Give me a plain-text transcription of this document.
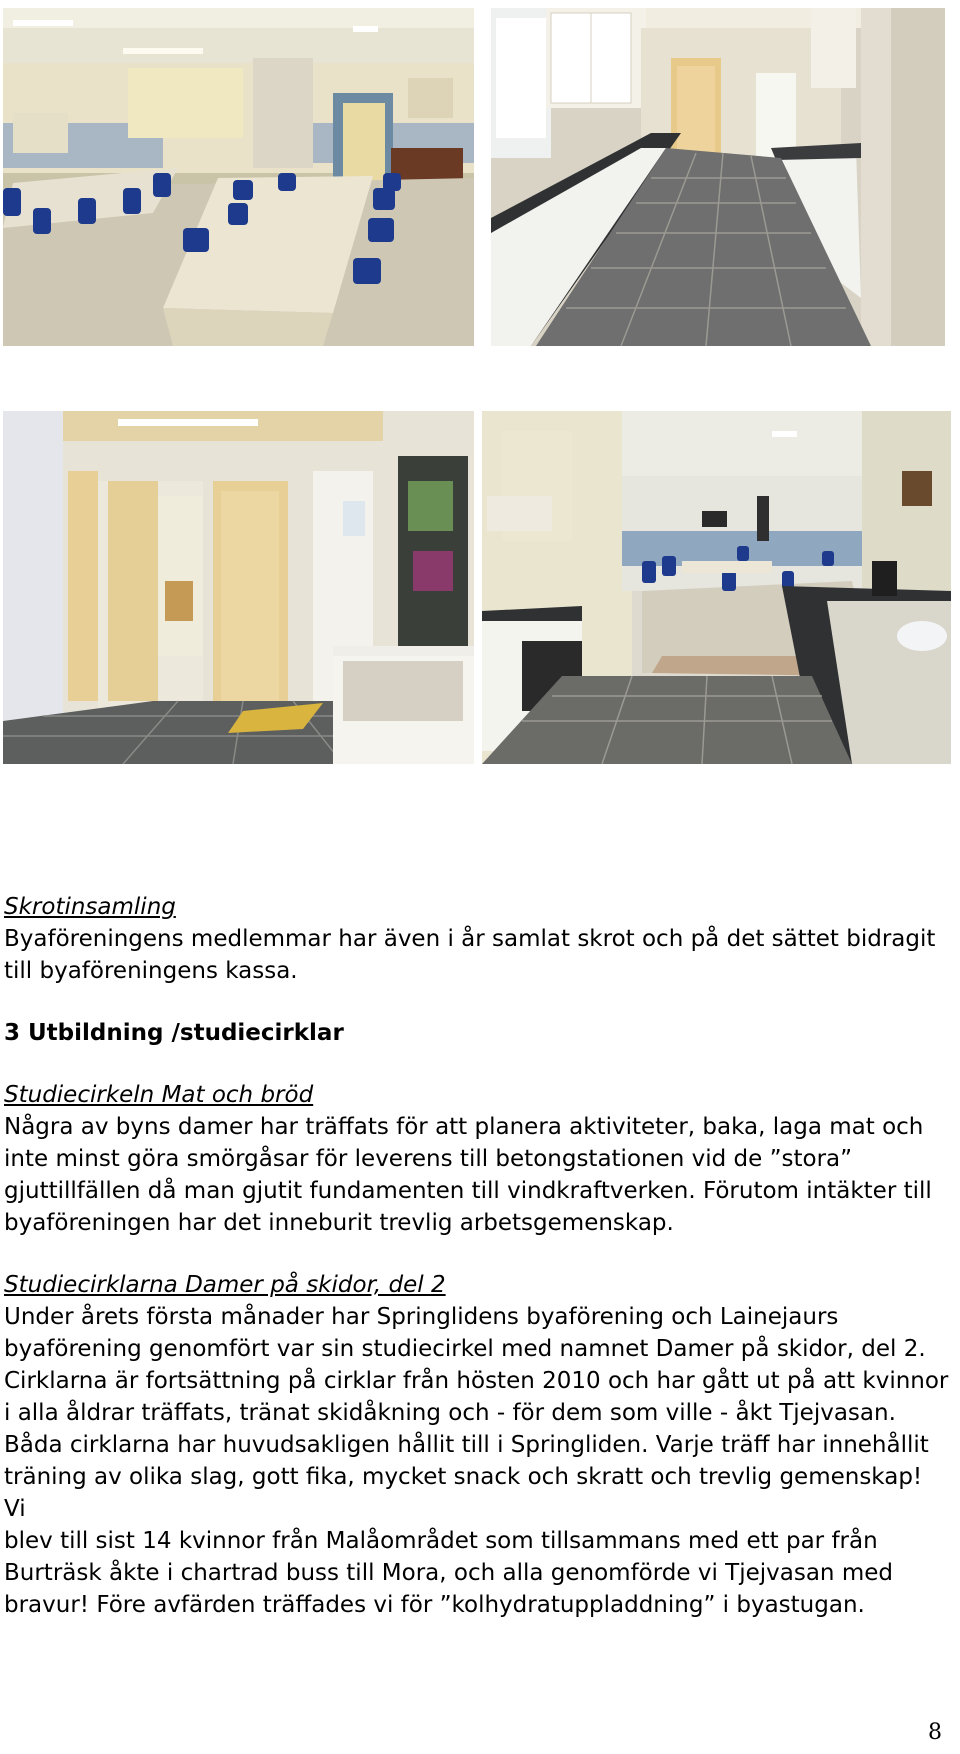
Skrotinsamling

Byaföreningens medlemmar har även i år samlat skrot och på det sättet bidragit

till byaföreningens kassa.

3 Utbildning /studiecirklar

Studiecirkeln Mat och bröd

Några av byns damer har träffats för att planera aktiviteter, baka, laga mat och

inte minst göra smörgåsar för leverens till betongstationen vid de ”stora”

gjuttillfällen då man gjutit fundamenten till vindkraftverken. Förutom intäkter till

byaföreningen har det inneburit trevlig arbetsgemenskap.

Studiecirklarna Damer på skidor, del 2

Under årets första månader har Springlidens byaförening och Lainejaurs

byaförening genomfört var sin studiecirkel med namnet Damer på skidor, del 2.

Cirklarna är fortsättning på cirklar från hösten 2010 och har gått ut på att kvinnor

i alla åldrar träffats, tränat skidåkning och - för dem som ville - åkt Tjejvasan.

Båda cirklarna har huvudsakligen hållit till i Springliden. Varje träff har innehållit

träning av olika slag, gott fika, mycket snack och skratt och trevlig gemenskap! Vi

blev till sist 14 kvinnor från Malåområdet som tillsammans med ett par från

Burträsk åkte i chartrad buss till Mora, och alla genomförde vi Tjejvasan med

bravur! Före avfärden träffades vi för ”kolhydratuppladdning” i byastugan.

8
